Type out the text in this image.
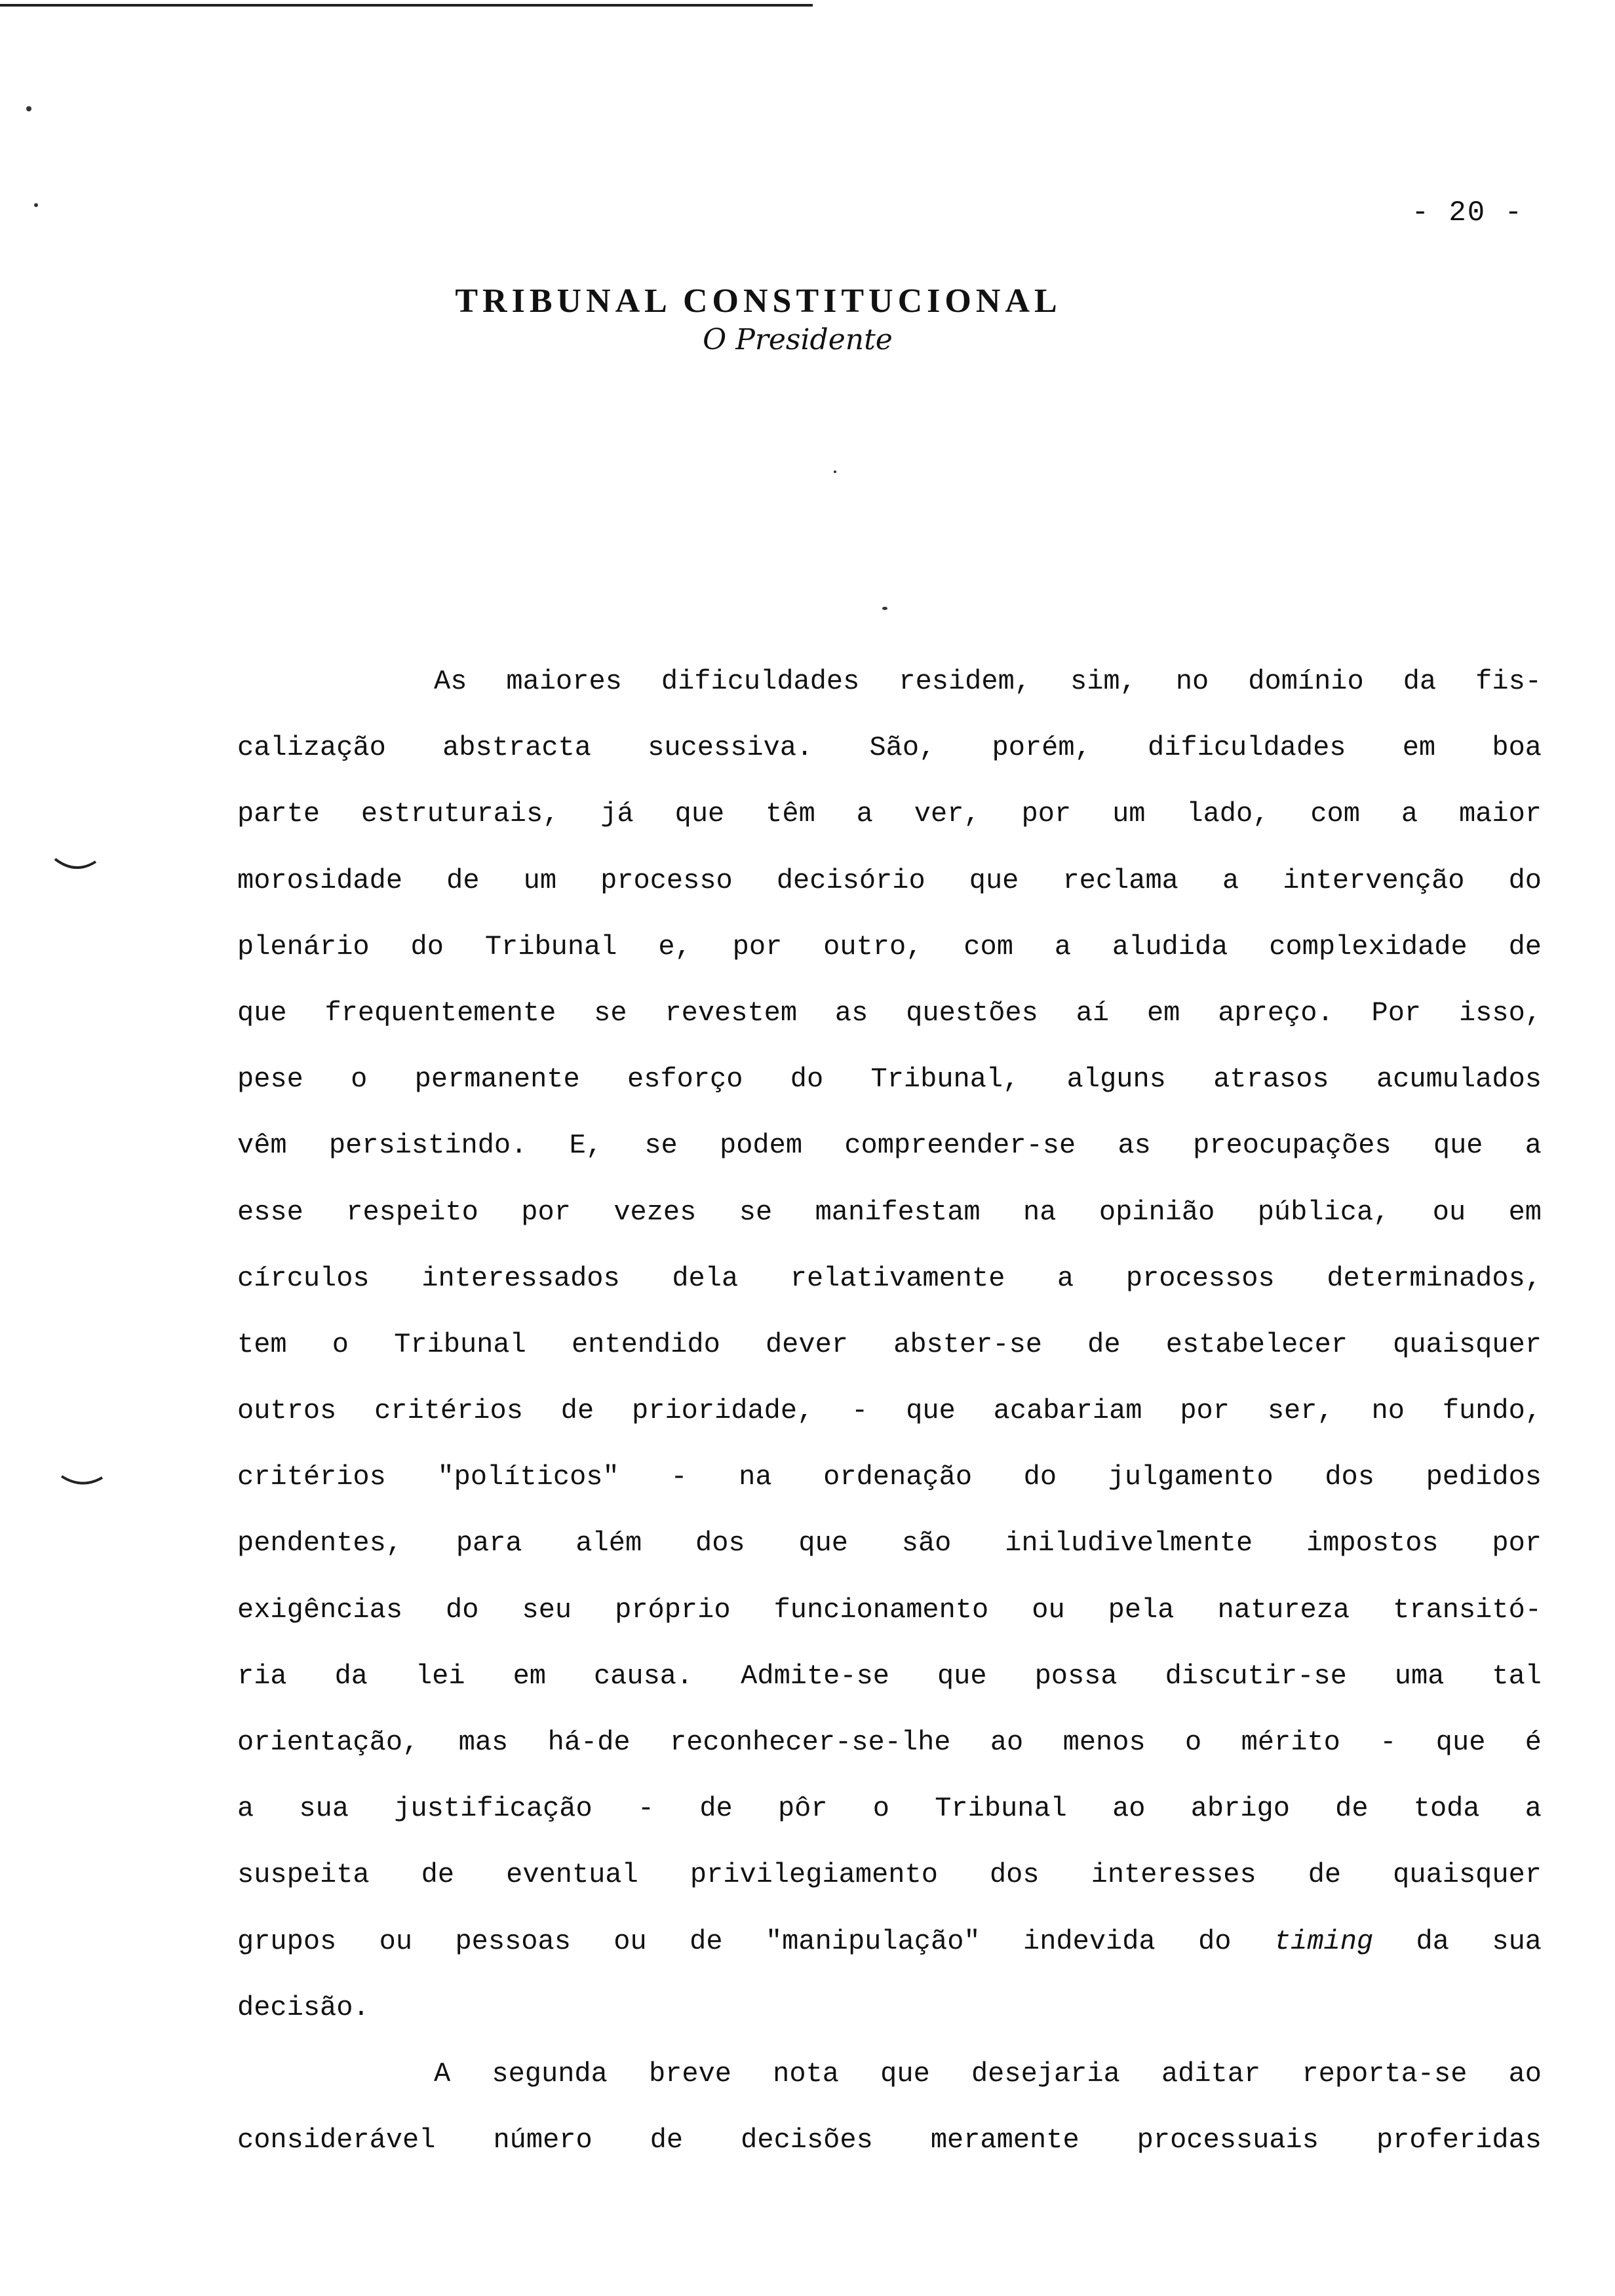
- 20 -
TRIBUNAL CONSTITUCIONAL
O Presidente
As maiores dificuldades residem, sim, no domínio da fis-
calização abstracta sucessiva. São, porém, dificuldades em boa
parte estruturais, já que têm a ver, por um lado, com a maior
morosidade de um processo decisório que reclama a intervenção do
plenário do Tribunal e, por outro, com a aludida complexidade de
que frequentemente se revestem as questões aí em apreço. Por isso,
pese o permanente esforço do Tribunal, alguns atrasos acumulados
vêm persistindo. E, se podem compreender-se as preocupações que a
esse respeito por vezes se manifestam na opinião pública, ou em
círculos interessados dela relativamente a processos determinados,
tem o Tribunal entendido dever abster-se de estabelecer quaisquer
outros critérios de prioridade, - que acabariam por ser, no fundo,
critérios "políticos" - na ordenação do julgamento dos pedidos
pendentes, para além dos que são iniludivelmente impostos por
exigências do seu próprio funcionamento ou pela natureza transitó-
ria da lei em causa. Admite-se que possa discutir-se uma tal
orientação, mas há-de reconhecer-se-lhe ao menos o mérito - que é
a sua justificação - de pôr o Tribunal ao abrigo de toda a
suspeita de eventual privilegiamento dos interesses de quaisquer
grupos ou pessoas ou de "manipulação" indevida do timing da sua
decisão.
A segunda breve nota que desejaria aditar reporta-se ao
considerável número de decisões meramente processuais proferidas
